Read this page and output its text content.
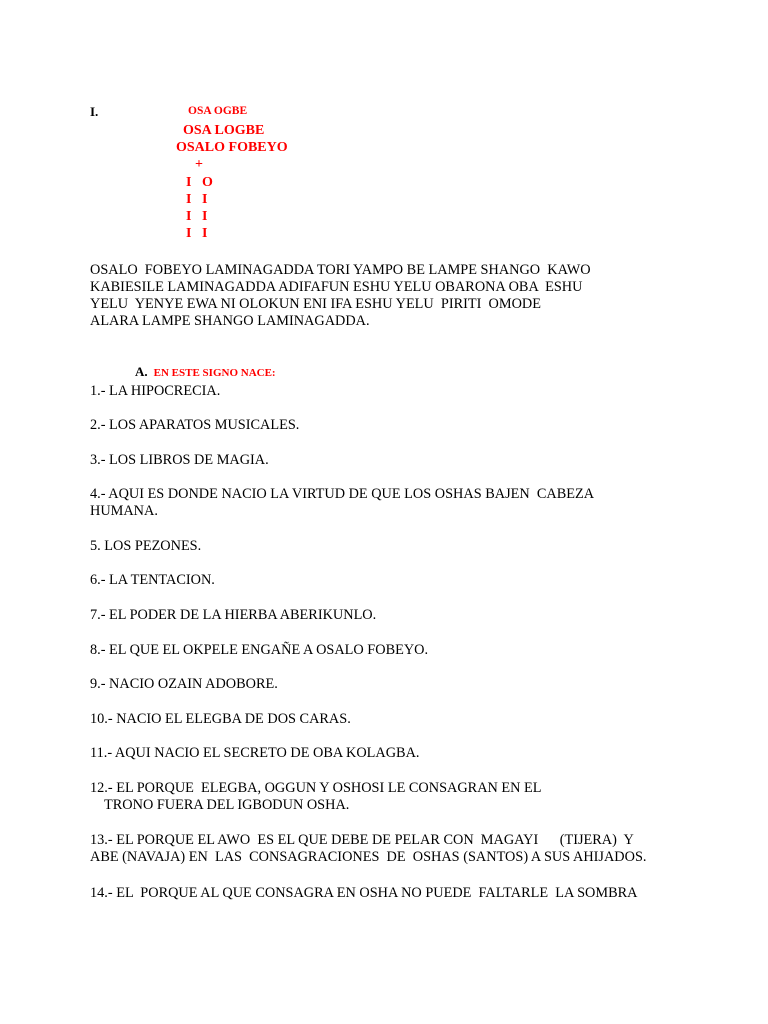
I.	OSA OGBE
OSA LOGBE
OSALO FOBEYO
+
I   O
I   I
I   I
I   I
OSALO  FOBEYO LAMINAGADDA TORI YAMPO BE LAMPE SHANGO  KAWO
KABIESILE LAMINAGADDA ADIFAFUN ESHU YELU OBARONA OBA  ESHU
YELU  YENYE EWA NI OLOKUN ENI IFA ESHU YELU  PIRITI  OMODE
ALARA LAMPE SHANGO LAMINAGADDA.
A. EN ESTE SIGNO NACE:
1.- LA HIPOCRECIA.
2.- LOS APARATOS MUSICALES.
3.- LOS LIBROS DE MAGIA.
4.- AQUI ES DONDE NACIO LA VIRTUD DE QUE LOS OSHAS BAJEN  CABEZA
HUMANA.
5. LOS PEZONES.
6.- LA TENTACION.
7.- EL PODER DE LA HIERBA ABERIKUNLO.
8.- EL QUE EL OKPELE ENGAÑE A OSALO FOBEYO.
9.- NACIO OZAIN ADOBORE.
10.- NACIO EL ELEGBA DE DOS CARAS.
11.- AQUI NACIO EL SECRETO DE OBA KOLAGBA.
12.- EL PORQUE  ELEGBA, OGGUN Y OSHOSI LE CONSAGRAN EN EL
TRONO FUERA DEL IGBODUN OSHA.
13.- EL PORQUE EL AWO  ES EL QUE DEBE DE PELAR CON  MAGAYI      (TIJERA)  Y
ABE (NAVAJA) EN  LAS  CONSAGRACIONES  DE  OSHAS (SANTOS) A SUS AHIJADOS.
14.- EL  PORQUE AL QUE CONSAGRA EN OSHA NO PUEDE  FALTARLE  LA SOMBRA
